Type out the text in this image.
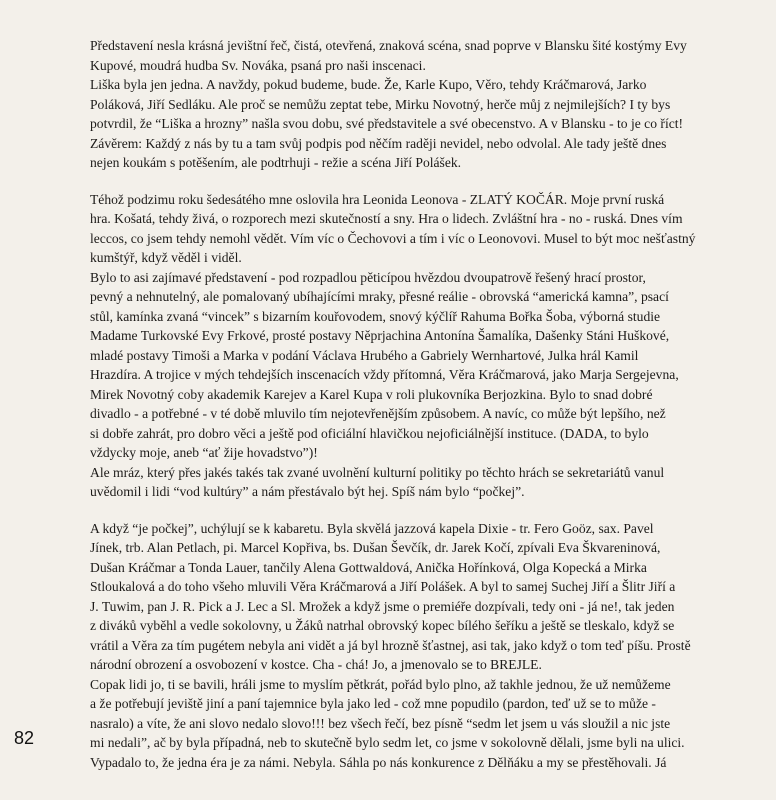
Představení nesla krásná jevištní řeč, čistá, otevřená, znaková scéna, snad poprve v Blansku šité kostýmy Evy
Kupové, moudrá hudba Sv. Nováka, psaná pro naši inscenaci.
Liška byla jen jedna. A navždy, pokud budeme, bude. Že, Karle Kupo, Věro, tehdy Kráčmarová, Jarko
Poláková, Jiří Sedláku. Ale proč se nemůžu zeptat tebe, Mirku Novotný, herče můj z nejmilejších? I ty bys
potvrdil, že “Liška a hrozny” našla svou dobu, své představitele a své obecenstvo. A v Blansku - to je co říct!
Závěrem: Každý z nás by tu a tam svůj podpis pod něčím raději nevidel, nebo odvolal. Ale tady ještě dnes
nejen koukám s potěšením, ale podtrhuji - režie a scéna Jiří Polášek.
Téhož podzimu roku šedesátého mne oslovila hra Leonida Leonova - ZLATÝ KOČÁR. Moje první ruská
hra. Košatá, tehdy živá, o rozporech mezi skutečností a sny. Hra o lidech. Zvláštní hra - no - ruská. Dnes vím
leccos, co jsem tehdy nemohl vědět. Vím víc o Čechovovi a tím i víc o Leonovovi. Musel to být moc nešťastný
kumštýř, když věděl i viděl.
Bylo to asi zajímavé představení - pod rozpadlou pěticípou hvězdou dvoupatrově řešený hrací prostor,
pevný a nehnutelný, ale pomalovaný ubíhajícími mraky, přesné reálie - obrovská “americká kamna”, psací
stůl, kamínka zvaná “vincek” s bizarním kouřovodem, snový kýčlíř Rahuma Bořka Šoba, výborná studie
Madame Turkovské Evy Frkové, prosté postavy Něprjachina Antonína Šamalíka, Dašenky Stáni Huškové,
mladé postavy Timoši a Marka v podání Václava Hrubého a Gabriely Wernhartové, Julka hrál Kamil
Hrazdíra. A trojice v mých tehdejších inscenacích vždy přítomná, Věra Kráčmarová, jako Marja Sergejevna,
Mirek Novotný coby akademik Karejev a Karel Kupa v roli plukovníka Berjozkina. Bylo to snad dobré
divadlo - a potřebné - v té době mluvilo tím nejotevřenějším způsobem. A navíc, co může být lepšího, než
si dobře zahrát, pro dobro věci a ještě pod oficiální hlavičkou nejoficiálnější instituce. (DADA, to bylo
vždycky moje, aneb “ať žije hovadstvo”)!
Ale mráz, který přes jakés takés tak zvané uvolnění kulturní politiky po těchto hrách se sekretariátů vanul
uvědomil i lidi “vod kultúry” a nám přestávalo být hej. Spíš nám bylo “počkej”.
A když “je počkej”, uchýlují se k kabaretu. Byla skvělá jazzová kapela Dixie - tr. Fero Goöz, sax. Pavel
Jínek, trb. Alan Petlach, pi. Marcel Kopřiva, bs. Dušan Ševčík, dr. Jarek Kočí, zpívali Eva Škvareninová,
Dušan Kráčmar a Tonda Lauer, tančily Alena Gottwaldová, Anička Hořínková, Olga Kopecká a Mirka
Stloukalová a do toho všeho mluvili Věra Kráčmarová a Jiří Polášek. A byl to samej Suchej Jiří a Šlitr Jiří a
J. Tuwim, pan J. R. Pick a J. Lec a Sl. Mrožek a když jsme o premiéře dozpívali, tedy oni - já ne!, tak jeden
z diváků vyběhl a vedle sokolovny, u Žáků natrhal obrovský kopec bílého šeříku a ještě se tleskalo, když se
vrátil a Věra za tím pugétem nebyla ani vidět a já byl hrozně šťastnej, asi tak, jako když o tom teď píšu. Prostě
národní obrození a osvobození v kostce. Cha - chá! Jo, a jmenovalo se to BREJLE.
Copak lidi jo, ti se bavili, hráli jsme to myslím pětkrát, pořád bylo plno, až takhle jednou, že už nemůžeme
a že potřebují jeviště jiní a paní tajemnice byla jako led - což mne popudilo (pardon, teď už se to může -
nasralo) a víte, že ani slovo nedalo slovo!!! bez všech řečí, bez písně “sedm let jsem u vás sloužil a nic jste
mi nedali”, ač by byla případná, neb to skutečně bylo sedm let, co jsme v sokolovně dělali, jsme byli na ulici.
Vypadalo to, že jedna éra je za námi. Nebyla. Sáhla po nás konkurence z Dělňáku a my se přestěhovali. Já
82
